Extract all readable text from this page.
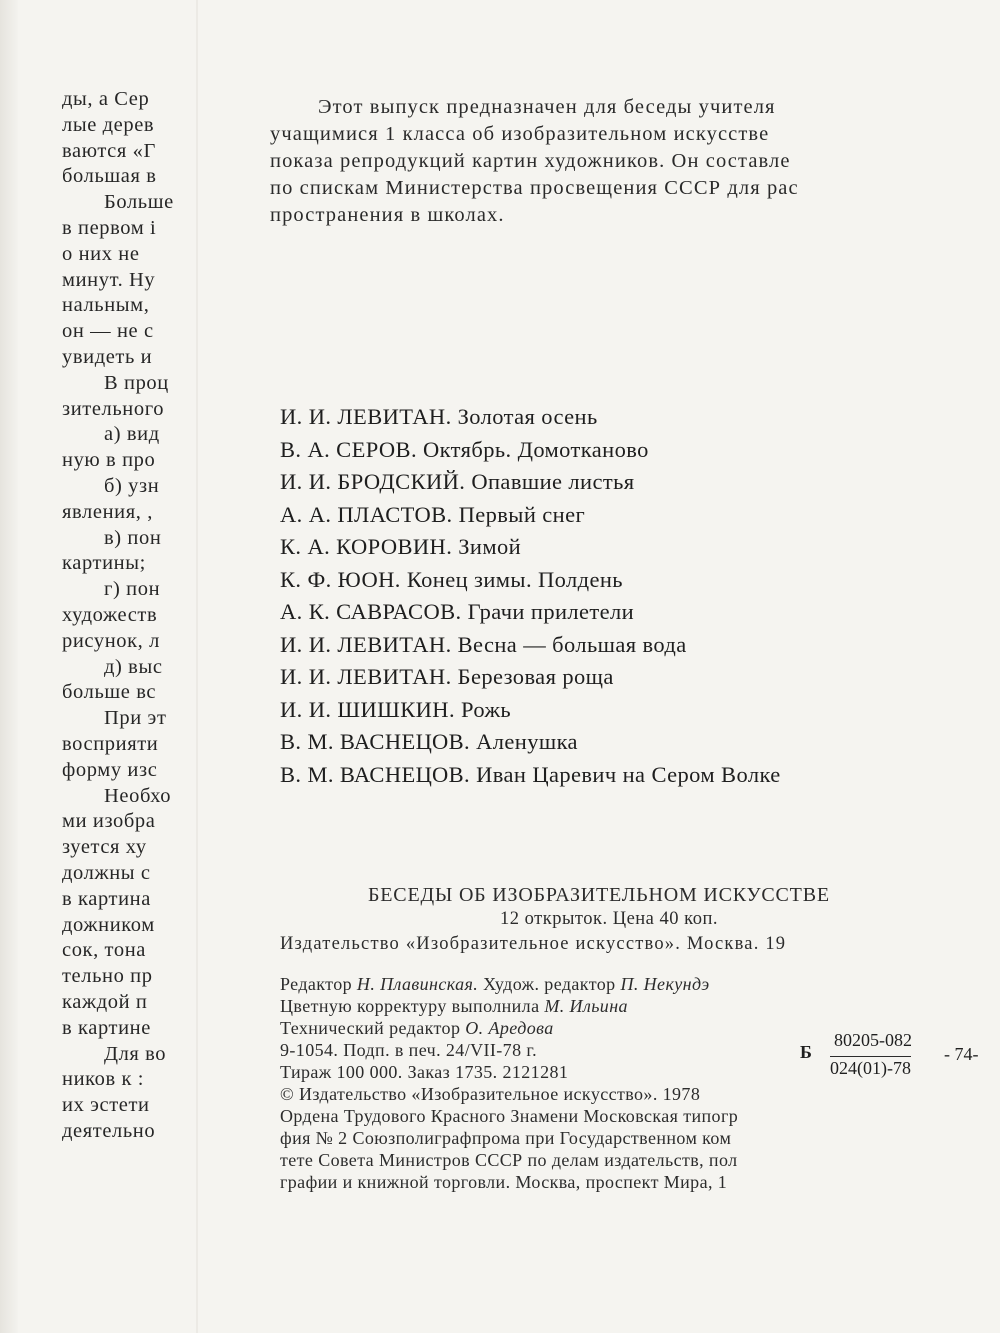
ды, а Сер
лые дерев
ваются «Г
большая в
Больше
в первом і
о них не
минут. Ну
нальным,
он — не с
увидеть и
В проц
зительного
а) вид
ную в про
б) узн
явления, ,
в) пон
картины;
г) пон
художеств
рисунок, л
д) выс
больше вс
При эт
восприяти
форму изс
Необхо
ми изобра
зуется ху
должны с
в картина
дожником
сок, тона
тельно пр
каждой п
в картине
Для во
ников к :
их эстети
деятельно
Этот выпуск предназначен для беседы учителя
учащимися 1 класса об изобразительном искусстве
показа репродукций картин художников. Он составле
по спискам Министерства просвещения СССР для рас
пространения в школах.
И. И. ЛЕВИТАН. Золотая осень
В. А. СЕРОВ. Октябрь. Домотканово
И. И. БРОДСКИЙ. Опавшие листья
А. А. ПЛАСТОВ. Первый снег
К. А. КОРОВИН. Зимой
К. Ф. ЮОН. Конец зимы. Полдень
А. К. САВРАСОВ. Грачи прилетели
И. И. ЛЕВИТАН. Весна — большая вода
И. И. ЛЕВИТАН. Березовая роща
И. И. ШИШКИН. Рожь
В. М. ВАСНЕЦОВ. Аленушка
В. М. ВАСНЕЦОВ. Иван Царевич на Сером Волке
БЕСЕДЫ ОБ ИЗОБРАЗИТЕЛЬНОМ ИСКУССТВЕ
12 открыток. Цена 40 коп.
Издательство «Изобразительное искусство». Москва. 19
Редактор Н. Плавинская. Худож. редактор П. Некундэ
Цветную корректуру выполнила М. Ильина
Технический редактор О. Аредова
9-1054. Подп. в печ. 24/VII-78 г.	Б
80205-082
024(01)-78
- 74-
Тираж 100 000. Заказ 1735. 2121281
© Издательство «Изобразительное искусство». 1978
Ордена Трудового Красного Знамени Московская типогр
фия № 2 Союзполиграфпрома при Государственном ком
тете Совета Министров СССР по делам издательств, пол
графии и книжной торговли. Москва, проспект Мира, 1
